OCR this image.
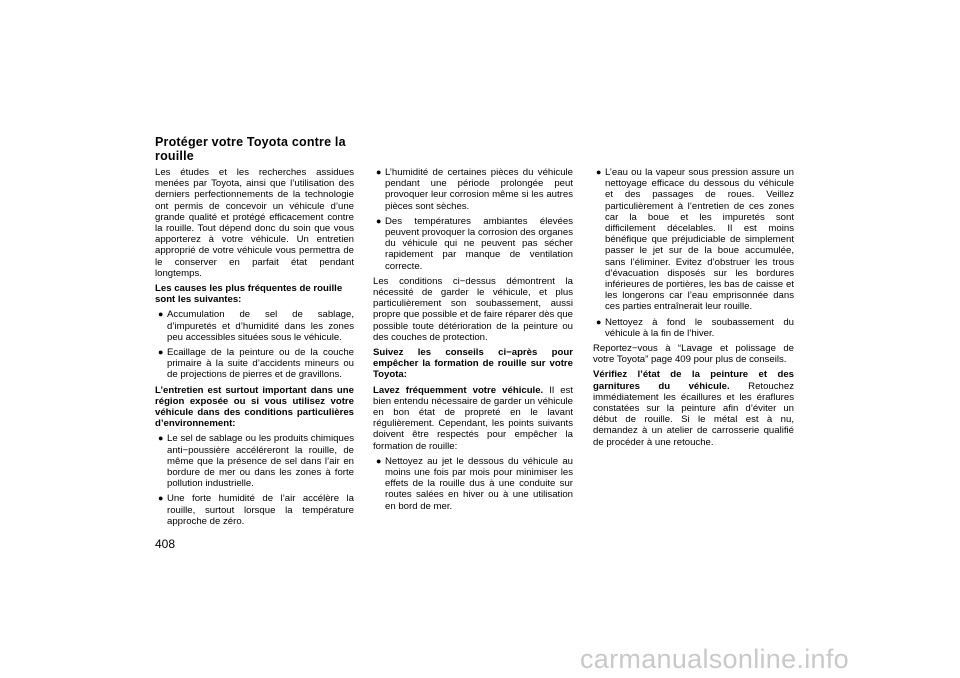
Protéger votre Toyota contre la rouille

Les études et les recherches assidues menées par Toyota, ainsi que l’utilisation des derniers perfectionnements de la technologie ont permis de concevoir un véhicule d’une grande qualité et protégé efficacement contre la rouille. Tout dépend donc du soin que vous apporterez à votre véhicule. Un entretien approprié de votre véhicule vous permettra de le conserver en parfait état pendant longtemps.

Les causes les plus fréquentes de rouille sont les suivantes:

● Accumulation de sel de sablage, d’impuretés et d’humidité dans les zones peu accessibles situées sous le véhicule.
● Ecaillage de la peinture ou de la couche primaire à la suite d’accidents mineurs ou de projections de pierres et de gravillons.

L’entretien est surtout important dans une région exposée ou si vous utilisez votre véhicule dans des conditions particulières d’environnement:

● Le sel de sablage ou les produits chimiques anti−poussière accéléreront la rouille, de même que la présence de sel dans l’air en bordure de mer ou dans les zones à forte pollution industrielle.
● Une forte humidité de l’air accélère la rouille, surtout lorsque la température approche de zéro.
● L’humidité de certaines pièces du véhicule pendant une période prolongée peut provoquer leur corrosion même si les autres pièces sont sèches.
● Des températures ambiantes élevées peuvent provoquer la corrosion des organes du véhicule qui ne peuvent pas sécher rapidement par manque de ventilation correcte.

Les conditions ci−dessus démontrent la nécessité de garder le véhicule, et plus particulièrement son soubassement, aussi propre que possible et de faire réparer dès que possible toute détérioration de la peinture ou des couches de protection.

Suivez les conseils ci−après pour empêcher la formation de rouille sur votre Toyota:

Lavez fréquemment votre véhicule. Il est bien entendu nécessaire de garder un véhicule en bon état de propreté en le lavant régulièrement. Cependant, les points suivants doivent être respectés pour empêcher la formation de rouille:

● Nettoyez au jet le dessous du véhicule au moins une fois par mois pour minimiser les effets de la rouille dus à une conduite sur routes salées en hiver ou à une utilisation en bord de mer.
● L’eau ou la vapeur sous pression assure un nettoyage efficace du dessous du véhicule et des passages de roues. Veillez particulièrement à l’entretien de ces zones car la boue et les impuretés sont difficilement décelables. Il est moins bénéfique que préjudiciable de simplement passer le jet sur de la boue accumulée, sans l’éliminer. Evitez d’obstruer les trous d’évacuation disposés sur les bordures inférieures de portières, les bas de caisse et les longerons car l’eau emprisonnée dans ces parties entraînerait leur rouille.
● Nettoyez à fond le soubassement du véhicule à la fin de l’hiver.

Reportez−vous à “Lavage et polissage de votre Toyota” page 409 pour plus de conseils.

Vérifiez l’état de la peinture et des garnitures du véhicule. Retouchez immédiatement les écaillures et les éraflures constatées sur la peinture afin d’éviter un début de rouille. Si le métal est à nu, demandez à un atelier de carrosserie qualifié de procéder à une retouche.

408
carmanualsonline.info
